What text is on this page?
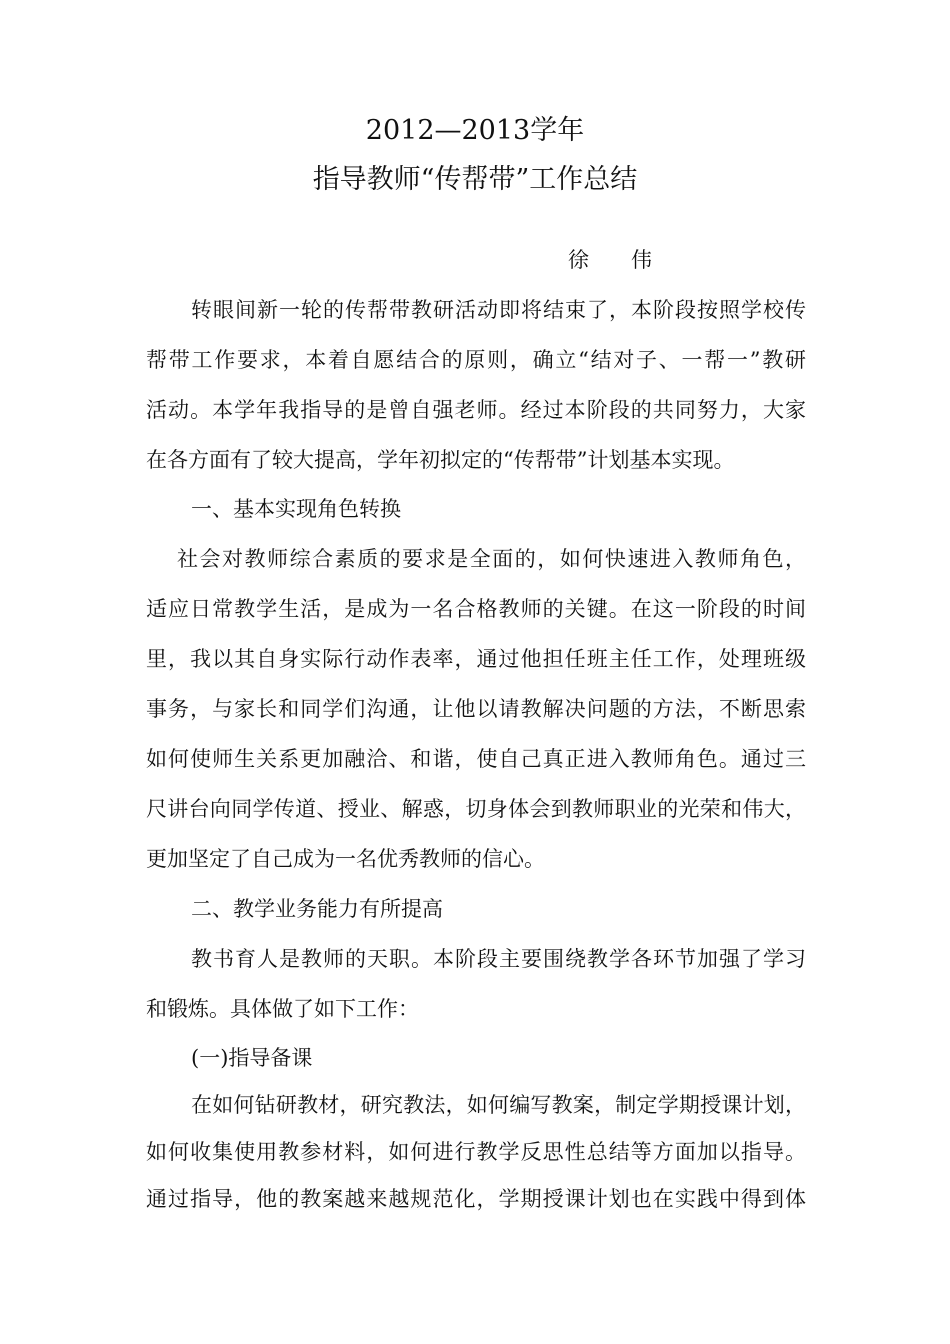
2012—2013学年
指导教师“传帮带”工作总结
徐 伟
转眼间新一轮的传帮带教研活动即将结束了，本阶段按照学校传
帮带工作要求，本着自愿结合的原则，确立“结对子、一帮一”教研
活动。本学年我指导的是曾自强老师。经过本阶段的共同努力，大家
在各方面有了较大提高，学年初拟定的“传帮带”计划基本实现。
一、基本实现角色转换
社会对教师综合素质的要求是全面的，如何快速进入教师角色，
适应日常教学生活，是成为一名合格教师的关键。在这一阶段的时间
里，我以其自身实际行动作表率，通过他担任班主任工作，处理班级
事务，与家长和同学们沟通，让他以请教解决问题的方法，不断思索
如何使师生关系更加融洽、和谐，使自己真正进入教师角色。通过三
尺讲台向同学传道、授业、解惑，切身体会到教师职业的光荣和伟大，
更加坚定了自己成为一名优秀教师的信心。
二、教学业务能力有所提高
教书育人是教师的天职。本阶段主要围绕教学各环节加强了学习
和锻炼。具体做了如下工作：
(一)指导备课
在如何钻研教材，研究教法，如何编写教案，制定学期授课计划，
如何收集使用教参材料，如何进行教学反思性总结等方面加以指导。
通过指导，他的教案越来越规范化，学期授课计划也在实践中得到体
